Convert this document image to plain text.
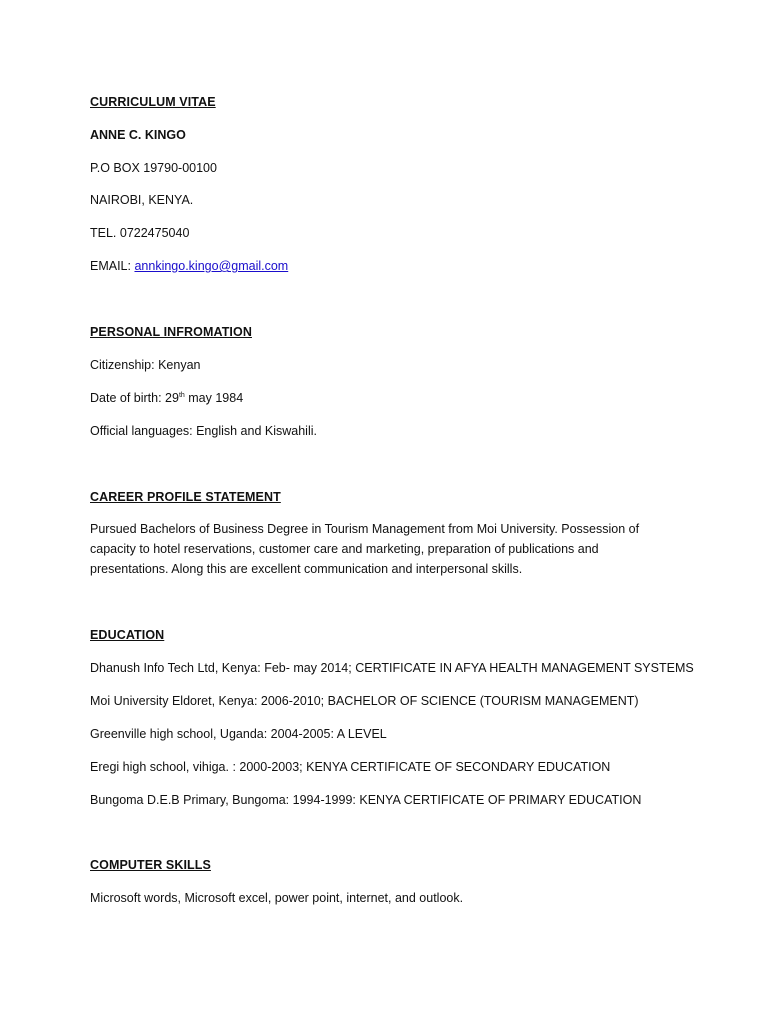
CURRICULUM VITAE
ANNE C. KINGO
P.O BOX 19790-00100
NAIROBI, KENYA.
TEL. 0722475040
EMAIL: annkingo.kingo@gmail.com
PERSONAL INFROMATION
Citizenship: Kenyan
Date of birth: 29th may 1984
Official languages: English and Kiswahili.
CAREER PROFILE STATEMENT
Pursued Bachelors of Business Degree in Tourism Management from Moi University. Possession of capacity to hotel reservations, customer care and marketing, preparation of publications and presentations. Along this are excellent communication and interpersonal skills.
EDUCATION
Dhanush Info Tech Ltd, Kenya: Feb- may 2014; CERTIFICATE IN AFYA HEALTH MANAGEMENT SYSTEMS
Moi University Eldoret, Kenya: 2006-2010; BACHELOR OF SCIENCE (TOURISM MANAGEMENT)
Greenville high school, Uganda: 2004-2005: A LEVEL
Eregi high school, vihiga. : 2000-2003; KENYA CERTIFICATE OF SECONDARY EDUCATION
Bungoma D.E.B Primary, Bungoma: 1994-1999: KENYA CERTIFICATE OF PRIMARY EDUCATION
COMPUTER SKILLS
Microsoft words, Microsoft excel, power point, internet, and outlook.
